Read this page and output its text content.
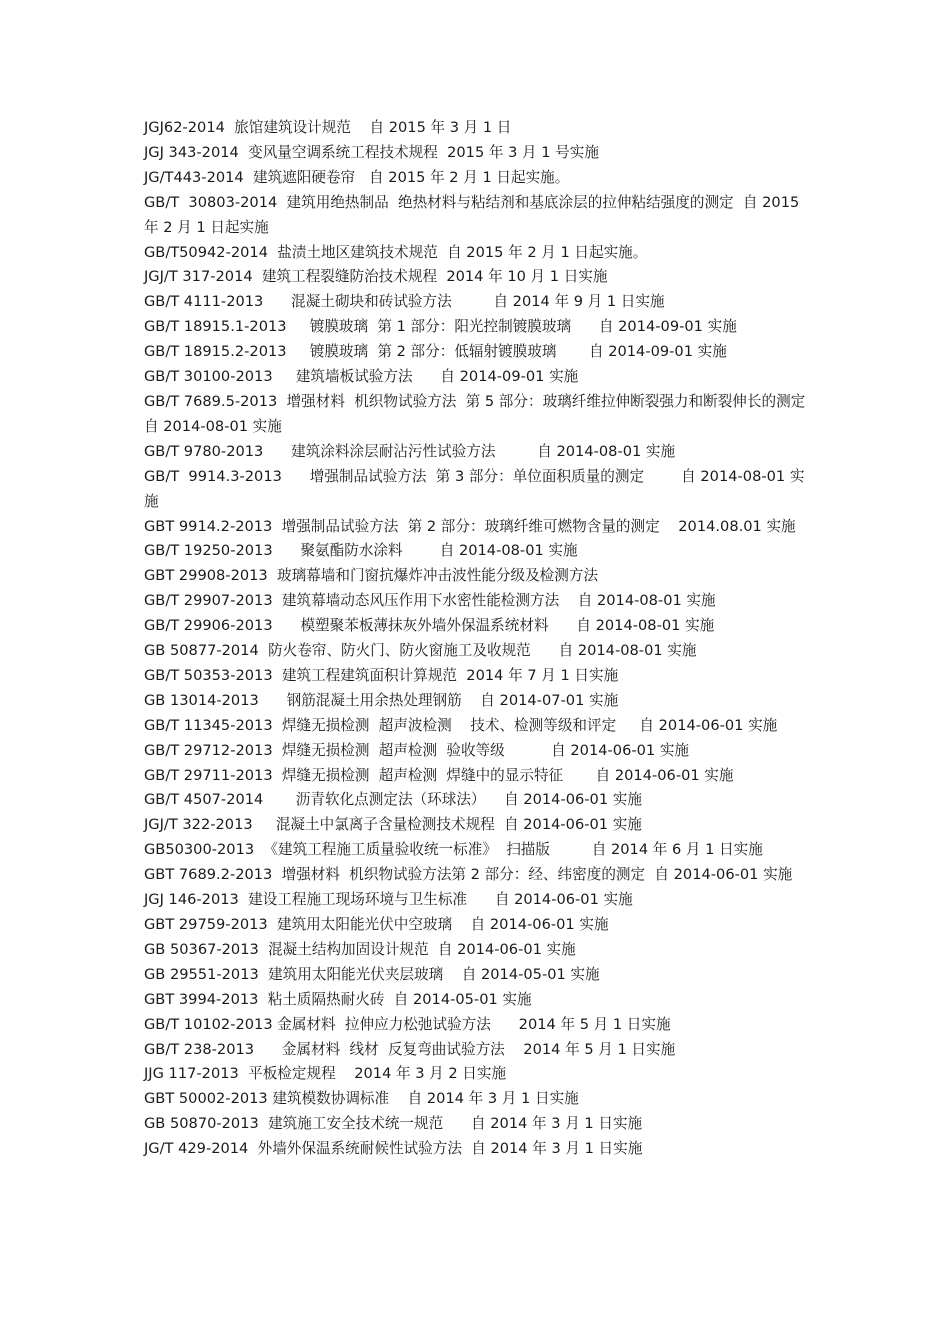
JGJ62-2014  旅馆建筑设计规范    自 2015 年 3 月 1 日

JGJ 343-2014  变风量空调系统工程技术规程  2015 年 3 月 1 号实施

JG/T443-2014  建筑遮阳硬卷帘   自 2015 年 2 月 1 日起实施。

GB/T  30803-2014  建筑用绝热制品  绝热材料与粘结剂和基底涂层的拉伸粘结强度的测定  自 2015 年 2 月 1 日起实施

GB/T50942-2014  盐渍土地区建筑技术规范  自 2015 年 2 月 1 日起实施。

JGJ/T 317-2014  建筑工程裂缝防治技术规程  2014 年 10 月 1 日实施

GB/T 4111-2013      混凝土砌块和砖试验方法         自 2014 年 9 月 1 日实施

GB/T 18915.1-2013     镀膜玻璃  第 1 部分：阳光控制镀膜玻璃      自 2014-09-01 实施

GB/T 18915.2-2013     镀膜玻璃  第 2 部分：低辐射镀膜玻璃       自 2014-09-01 实施

GB/T 30100-2013     建筑墙板试验方法      自 2014-09-01 实施

GB/T 7689.5-2013  增强材料  机织物试验方法  第 5 部分：玻璃纤维拉伸断裂强力和断裂伸长的测定     自 2014-08-01 实施

GB/T 9780-2013      建筑涂料涂层耐沾污性试验方法         自 2014-08-01 实施

GB/T  9914.3-2013      增强制品试验方法  第 3 部分：单位面积质量的测定        自 2014-08-01 实施

GBT 9914.2-2013  增强制品试验方法  第 2 部分：玻璃纤维可燃物含量的测定    2014.08.01 实施

GB/T 19250-2013      聚氨酯防水涂料        自 2014-08-01 实施

GBT 29908-2013  玻璃幕墙和门窗抗爆炸冲击波性能分级及检测方法

GB/T 29907-2013  建筑幕墙动态风压作用下水密性能检测方法    自 2014-08-01 实施

GB/T 29906-2013      模塑聚苯板薄抹灰外墙外保温系统材料      自 2014-08-01 实施

GB 50877-2014  防火卷帘、防火门、防火窗施工及收规范      自 2014-08-01 实施

GB/T 50353-2013  建筑工程建筑面积计算规范  2014 年 7 月 1 日实施

GB 13014-2013      钢筋混凝土用余热处理钢筋    自 2014-07-01 实施

GB/T 11345-2013  焊缝无损检测  超声波检测    技术、检测等级和评定     自 2014-06-01 实施

GB/T 29712-2013  焊缝无损检测  超声检测  验收等级          自 2014-06-01 实施

GB/T 29711-2013  焊缝无损检测  超声检测  焊缝中的显示特征       自 2014-06-01 实施

GB/T 4507-2014       沥青软化点测定法（环球法）    自 2014-06-01 实施

JGJ/T 322-2013     混凝土中氯离子含量检测技术规程  自 2014-06-01 实施

GB50300-2013  《建筑工程施工质量验收统一标准》  扫描版         自 2014 年 6 月 1 日实施

GBT 7689.2-2013  增强材料  机织物试验方法第 2 部分：经、纬密度的测定  自 2014-06-01 实施

JGJ 146-2013  建设工程施工现场环境与卫生标准      自 2014-06-01 实施

GBT 29759-2013  建筑用太阳能光伏中空玻璃    自 2014-06-01 实施

GB 50367-2013  混凝土结构加固设计规范  自 2014-06-01 实施

GB 29551-2013  建筑用太阳能光伏夹层玻璃    自 2014-05-01 实施

GBT 3994-2013  粘土质隔热耐火砖  自 2014-05-01 实施

GB/T 10102-2013 金属材料  拉伸应力松弛试验方法      2014 年 5 月 1 日实施

GB/T 238-2013      金属材料  线材  反复弯曲试验方法    2014 年 5 月 1 日实施

JJG 117-2013  平板检定规程    2014 年 3 月 2 日实施

GBT 50002-2013 建筑模数协调标准    自 2014 年 3 月 1 日实施

GB 50870-2013  建筑施工安全技术统一规范      自 2014 年 3 月 1 日实施

JG/T 429-2014  外墙外保温系统耐候性试验方法  自 2014 年 3 月 1 日实施
